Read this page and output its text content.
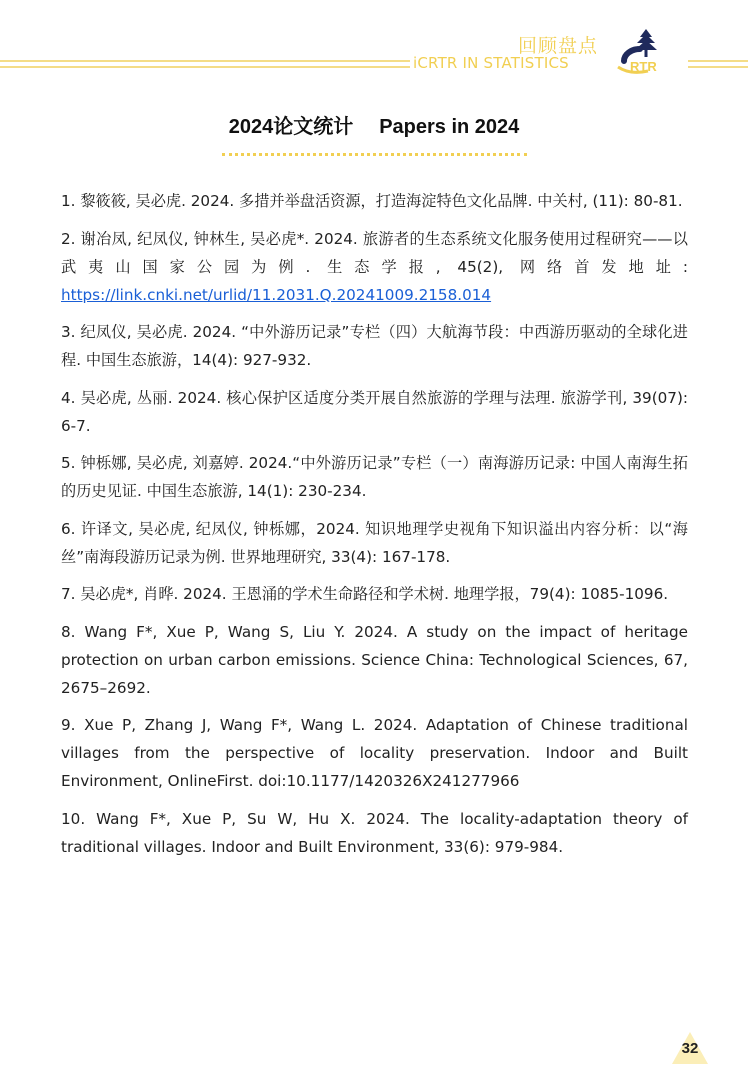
回顾盘点
iCRTR IN STATISTICS	RTR
2024论文统计 Papers in 2024
1. 黎筱筱, 吴必虎. 2024. 多措并举盘活资源，打造海淀特色文化品牌. 中关村, (11): 80-81.
2. 谢冶凤, 纪凤仪, 钟林生, 吴必虎*. 2024. 旅游者的生态系统文化服务使用过程研究——以武夷山国家公园为例. 生态学报, 45(2), 网络首发地址: https://link.cnki.net/urlid/11.2031.Q.20241009.2158.014
3. 纪凤仪, 吴必虎. 2024. “中外游历记录”专栏（四）大航海节段：中西游历驱动的全球化进程. 中国生态旅游，14(4): 927-932.
4. 吴必虎, 丛丽. 2024. 核心保护区适度分类开展自然旅游的学理与法理. 旅游学刊, 39(07): 6-7.
5. 钟栎娜, 吴必虎, 刘嘉婷. 2024.“中外游历记录”专栏（一）南海游历记录: 中国人南海生拓的历史见证. 中国生态旅游, 14(1): 230-234.
6. 许译文, 吴必虎, 纪凤仪, 钟栎娜，2024. 知识地理学史视角下知识溢出内容分析：以“海丝”南海段游历记录为例. 世界地理研究, 33(4): 167-178.
7. 吴必虎*, 肖晔. 2024. 王恩涌的学术生命路径和学术树. 地理学报，79(4): 1085-1096.
8. Wang F*, Xue P, Wang S, Liu Y. 2024. A study on the impact of heritage protection on urban carbon emissions. Science China: Technological Sciences, 67, 2675–2692.
9. Xue P, Zhang J, Wang F*, Wang L. 2024. Adaptation of Chinese traditional villages from the perspective of locality preservation. Indoor and Built Environment, OnlineFirst. doi:10.1177/1420326X241277966
10. Wang F*, Xue P, Su W, Hu X. 2024. The locality-adaptation theory of traditional villages. Indoor and Built Environment, 33(6): 979-984.
32
